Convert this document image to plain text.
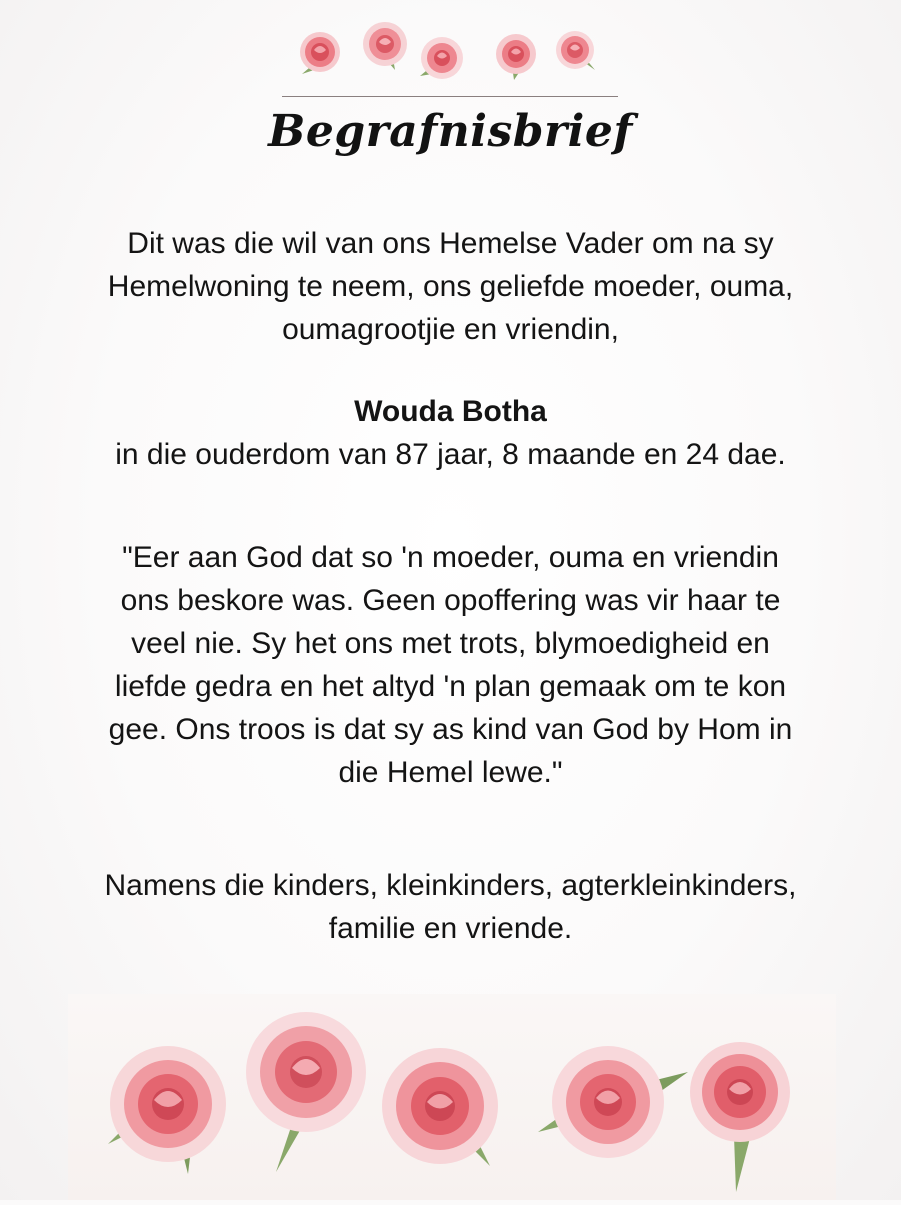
Begrafnisbrief
Dit was die wil van ons Hemelse Vader om na sy
Hemelwoning te neem, ons geliefde moeder, ouma,
oumagrootjie en vriendin,
Wouda Botha
in die ouderdom van 87 jaar, 8 maande en 24 dae.
"Eer aan God dat so 'n moeder, ouma en vriendin
ons beskore was. Geen opoffering was vir haar te
veel nie. Sy het ons met trots, blymoedigheid en
liefde gedra en het altyd 'n plan gemaak om te kon
gee. Ons troos is dat sy as kind van God by Hom in
die Hemel lewe."
Namens die kinders, kleinkinders, agterkleinkinders,
familie en vriende.
